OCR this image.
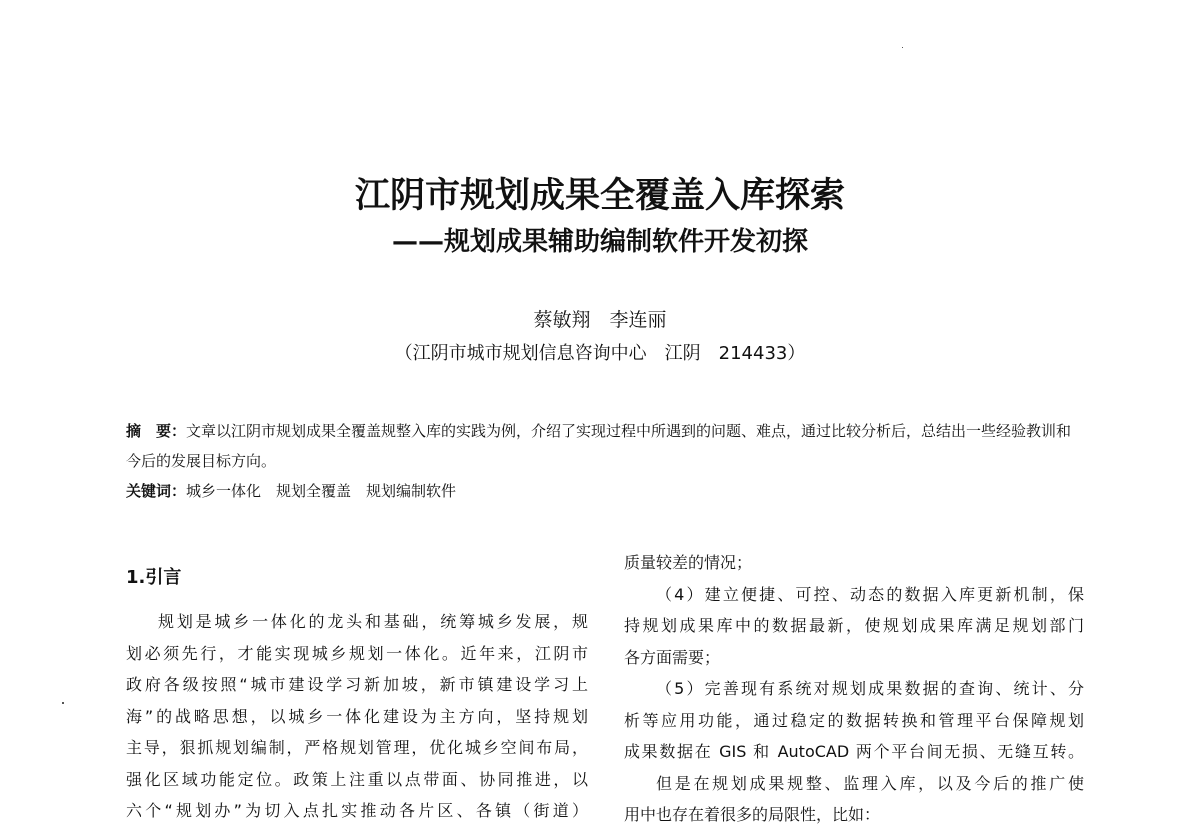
江阴市规划成果全覆盖入库探索
——规划成果辅助编制软件开发初探
蔡敏翔　李连丽
（江阴市城市规划信息咨询中心　江阴　214433）
摘　要：文章以江阴市规划成果全覆盖规整入库的实践为例，介绍了实现过程中所遇到的问题、难点，通过比较分析后，总结出一些经验教训和今后的发展目标方向。
关键词：城乡一体化　规划全覆盖　规划编制软件
1.引言

规划是城乡一体化的龙头和基础，统筹城乡发展，规

划必须先行，才能实现城乡规划一体化。近年来，江阴市

政府各级按照“城市建设学习新加坡，新市镇建设学习上

海”的战略思想，以城乡一体化建设为主方向，坚持规划

主导，狠抓规划编制，严格规划管理，优化城乡空间布局，

强化区域功能定位。政策上注重以点带面、协同推进，以

六个“规划办”为切入点扎实推动各片区、各镇（街道）

质量较差的情况；

（4）建立便捷、可控、动态的数据入库更新机制，保

持规划成果库中的数据最新，使规划成果库满足规划部门

各方面需要；

（5）完善现有系统对规划成果数据的查询、统计、分

析等应用功能，通过稳定的数据转换和管理平台保障规划

成果数据在 GIS 和 AutoCAD 两个平台间无损、无缝互转。

但是在规划成果规整、监理入库，以及今后的推广使

用中也存在着很多的局限性，比如：
